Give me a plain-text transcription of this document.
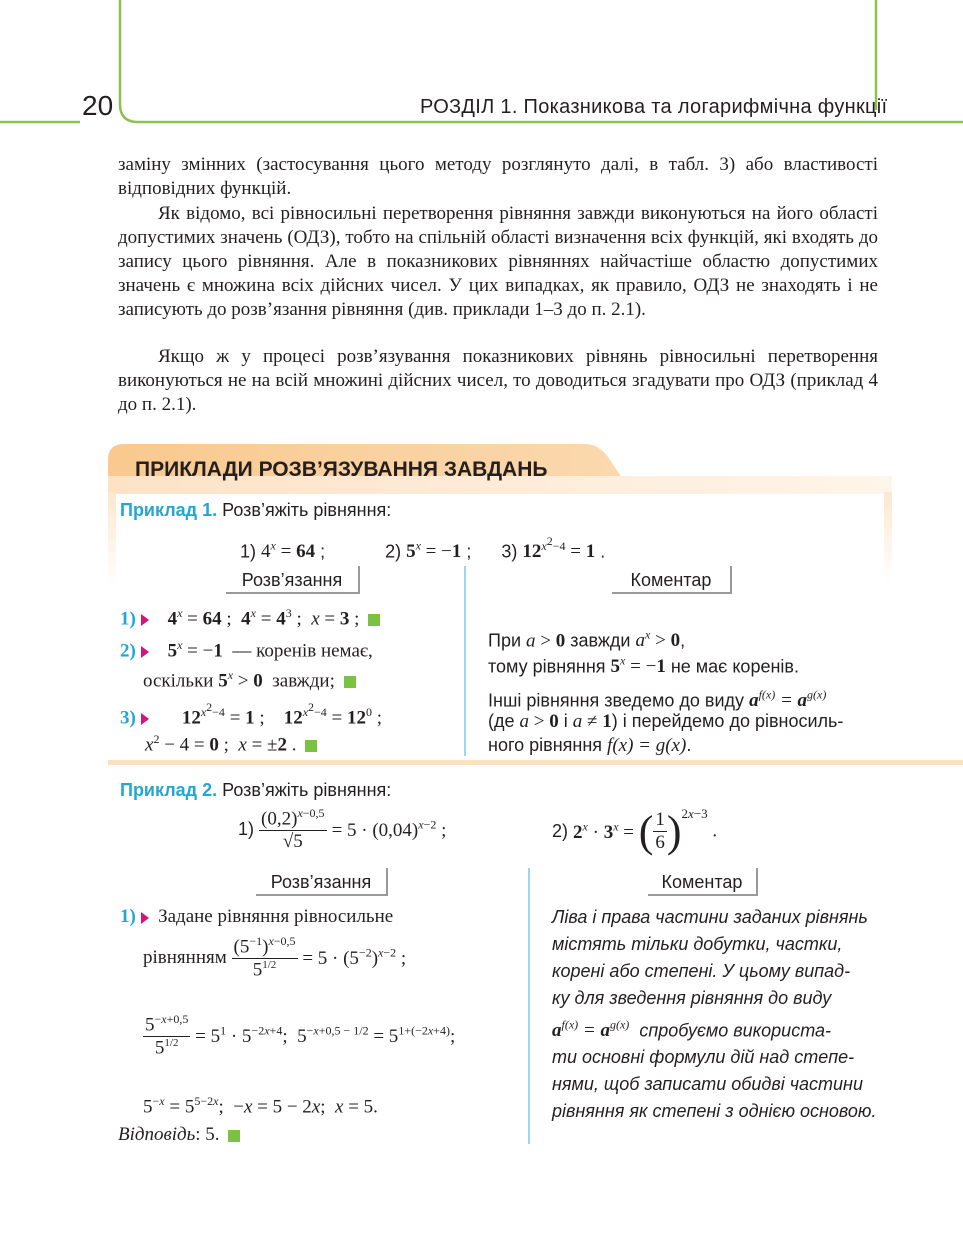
20	РОЗДІЛ 1. Показникова та логарифмічна функції
заміну змінних (застосування цього методу розглянуто далі, в табл. 3) або властивості відповідних функцій.
Як відомо, всі рівносильні перетворення рівняння завжди виконуються на його області допустимих значень (ОДЗ), тобто на спільній області визначення всіх функцій, які входять до запису цього рівняння. Але в показникових рівняннях найчастіше областю допустимих значень є множина всіх дійсних чисел. У цих випадках, як правило, ОДЗ не знаходять і не записують до розв’язання рівняння (див. приклади 1–3 до п. 2.1).
Якщо ж у процесі розв’язування показникових рівнянь рівносильні перетворення виконуються не на всій множині дійсних чисел, то доводиться згадувати про ОДЗ (приклад 4 до п. 2.1).
ПРИКЛАДИ РОЗВ’ЯЗУВАННЯ ЗАВДАНЬ
Приклад 1. Розв’яжіть рівняння:
1) $4^x = 64$ ;            2) $5^x = -1$ ;      3) $12^{x^2-4} = 1$ .
Розв’язання	Коментар
1) $4^x = 64$ ;  $4^x = 4^3$ ;  x = 3 ;
2) $5^x = -1$ — коренів немає,
оскільки $5^x > 0$ завжди;
3) $12^{x^2-4} = 1$ ;    $12^{x^2-4} = 12^0$ ;
$x^2 - 4 = 0$ ;  x = ±2 .
При a > 0 завжди $a^x > 0$,
тому рівняння $5^x = -1$ не має коренів.
Інші рівняння зведемо до виду $a^{f(x)} = a^{g(x)}$
(де a > 0 і a ≠ 1) і перейдемо до рівносиль-
ного рівняння f(x) = g(x).
Приклад 2. Розв’яжіть рівняння:
$1) \frac{(0,2)^{x-0,5}}{√5} = 5 \cdot (0,04)^{x-2}$ ;	2) $2^x \cdot 3^x$ = ( $\frac{1}{6} )^{2x-3}$ .
Розв’язання	Коментар
1) Задане рівняння рівносильне
рівнянням $\frac{(5^{-1})^{x-0,5}}{5^{1/2}} = 5 \cdot (5^{-2})^{x-2}$ ;
$\frac{5^{-x+0,5}}{5^{1/2}} = 5^1 \cdot 5^{-2x+4}$;  $5^{-x+0,5 - 1/2} = 5^{1+(-2x+4)}$;
$5^{-x} = 5^{5-2x}$;  −x = 5 − 2x;  x = 5.
Відповідь: 5.
Ліва і права частини заданих рівнянь
містять тільки добутки, частки,
корені або степені. У цьому випад-
ку для зведення рівняння до виду
$a^{f(x)} = a^{g(x)}$ спробуємо використа-
ти основні формули дій над степе-
нями, щоб записати обидві частини
рівняння як степені з однією основою.
